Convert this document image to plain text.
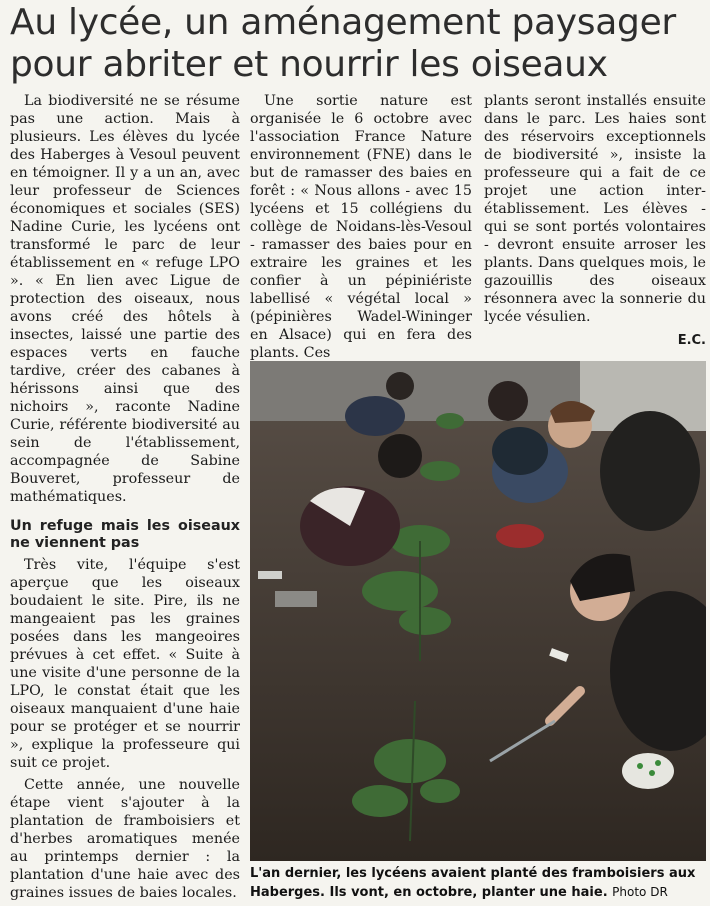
Au lycée, un aménagement paysager
pour abriter et nourrir les oiseaux

La biodiversité ne se résume pas une action. Mais à plusieurs. Les élèves du lycée des Haberges à Vesoul peuvent en témoigner. Il y a un an, avec leur professeur de Sciences économiques et sociales (SES) Nadine Curie, les lycéens ont transformé le parc de leur établissement en « refuge LPO ». « En lien avec Ligue de protection des oiseaux, nous avons créé des hôtels à insectes, laissé une partie des espaces verts en fauche tardive, créer des cabanes à hérissons ainsi que des nichoirs », raconte Nadine Curie, référente biodiversité au sein de l'établissement, accompagnée de Sabine Bouveret, professeur de mathématiques.

Un refuge mais les oiseaux ne viennent pas

Très vite, l'équipe s'est aperçue que les oiseaux boudaient le site. Pire, ils ne mangeaient pas les graines posées dans les mangeoires prévues à cet effet. « Suite à une visite d'une personne de la LPO, le constat était que les oiseaux manquaient d'une haie pour se protéger et se nourrir », explique la professeure qui suit ce projet.

Cette année, une nouvelle étape vient s'ajouter à la plantation de framboisiers et d'herbes aromatiques menée au printemps dernier : la plantation d'une haie avec des graines issues de baies locales.

Une sortie nature est organisée le 6 octobre avec l'association France Nature environnement (FNE) dans le but de ramasser des baies en forêt : « Nous allons - avec 15 lycéens et 15 collégiens du collège de Noidans-lès-Vesoul - ramasser des baies pour en extraire les graines et les confier à un pépiniériste labellisé « végétal local » (pépinières Wadel-Wininger en Alsace) qui en fera des plants. Ces

plants seront installés ensuite dans le parc. Les haies sont des réservoirs exceptionnels de biodiversité », insiste la professeure qui a fait de ce projet une action inter-établissement. Les élèves - qui se sont portés volontaires - devront ensuite arroser les plants. Dans quelques mois, le gazouillis des oiseaux résonnera avec la sonnerie du lycée vésulien.

E.C.
L'an dernier, les lycéens avaient planté des framboisiers aux Haberges. Ils vont, en octobre, planter une haie. Photo DR
